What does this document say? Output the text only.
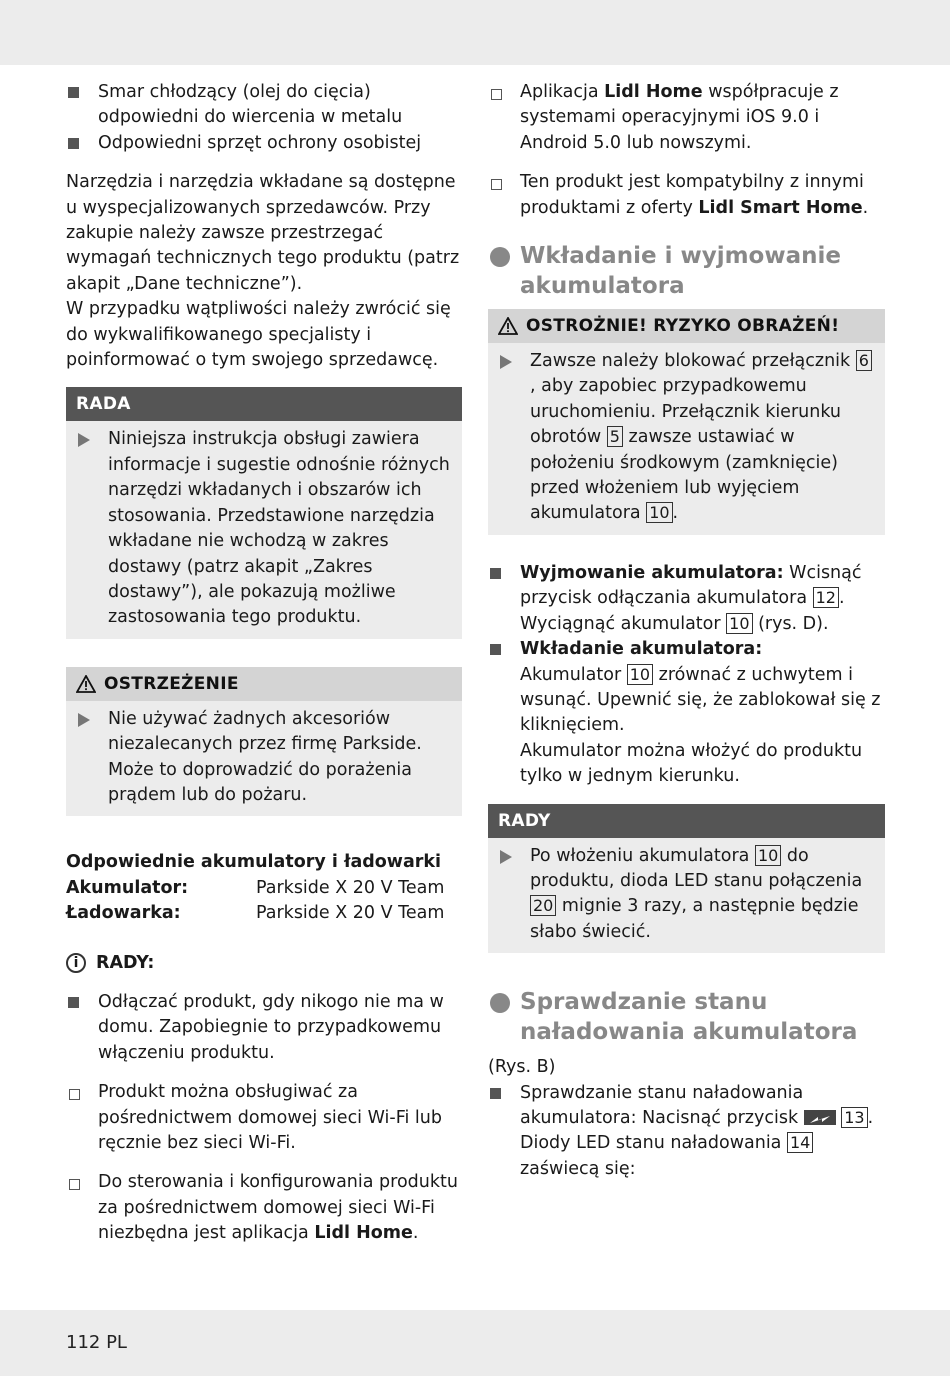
Smar chłodzący (olej do cięcia) odpowiedni do wiercenia w metalu
Odpowiedni sprzęt ochrony osobistej

Narzędzia i narzędzia wkładane są dostępne u wyspecjalizowanych sprzedawców. Przy zakupie należy zawsze przestrzegać wymagań technicznych tego produktu (patrz akapit „Dane techniczne”).

W przypadku wątpliwości należy zwrócić się do wykwalifikowanego specjalisty i poinformować o tym swojego sprzedawcę.

RADA
Niniejsza instrukcja obsługi zawiera informacje i sugestie odnośnie różnych narzędzi wkładanych i obszarów ich stosowania. Przedstawione narzędzia wkładane nie wchodzą w zakres dostawy (patrz akapit „Zakres dostawy”), ale pokazują możliwe zastosowania tego produktu.
OSTRZEŻENIE
Nie używać żadnych akcesoriów niezalecanych przez firmę Parkside. Może to doprowadzić do porażenia prądem lub do pożaru.

Odpowiednie akumulatory i ładowarki

Akumulator:	Parkside X 20 V Team
Ładowarka:	Parkside X 20 V Team
i	RADY:
Odłączać produkt, gdy nikogo nie ma w domu. Zapobiegnie to przypadkowemu włączeniu produktu.
Produkt można obsługiwać za pośrednictwem domowej sieci Wi-Fi lub ręcznie bez sieci Wi-Fi.
Do sterowania i konfigurowania produktu za pośrednictwem domowej sieci Wi-Fi niezbędna jest aplikacja Lidl Home.
Aplikacja Lidl Home współpracuje z systemami operacyjnymi iOS 9.0 i Android 5.0 lub nowszymi.
Ten produkt jest kompatybilny z innymi produktami z oferty Lidl Smart Home.
Wkładanie i wyjmowanie akumulatora
OSTROŻNIE! RYZYKO OBRAŻEŃ!
Zawsze należy blokować przełącznik 6, aby zapobiec przypadkowemu uruchomieniu. Przełącznik kierunku obrotów 5 zawsze ustawiać w położeniu środkowym (zamknięcie) przed włożeniem lub wyjęciem akumulatora 10 .
Wyjmowanie akumulatora: Wcisnąć przycisk odłączania akumulatora 12 . Wyciągnąć akumulator 10 (rys. D).
Wkładanie akumulatora:
Akumulator 10 zrównać z uchwytem i wsunąć. Upewnić się, że zablokował się z kliknięciem.
Akumulator można włożyć do produktu tylko w jednym kierunku.
RADY
Po włożeniu akumulatora 10 do produktu, dioda LED stanu połączenia 20 mignie 3 razy, a następnie będzie słabo świecić.
Sprawdzanie stanu naładowania akumulatora

(Rys. B)

Sprawdzanie stanu naładowania akumulatora: Nacisnąć przycisk	13 . Diody LED stanu naładowania 14 zaświecą się:
112 PL
